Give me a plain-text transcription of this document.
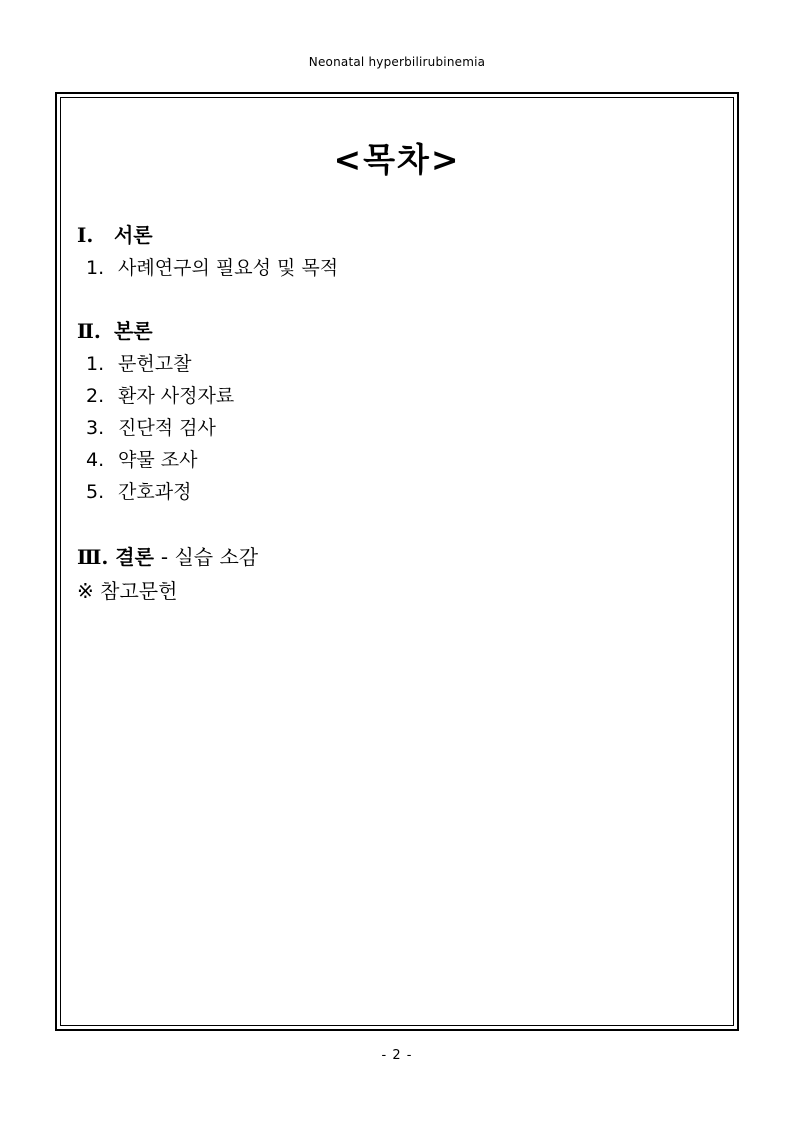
Neonatal hyperbilirubinemia
<목차>
Ⅰ. 서론
1. 사례연구의 필요성 및 목적
Ⅱ. 본론
1. 문헌고찰
2. 환자 사정자료
3. 진단적 검사
4. 약물 조사
5. 간호과정
Ⅲ. 결론 - 실습 소감
※ 참고문헌
- 2 -
